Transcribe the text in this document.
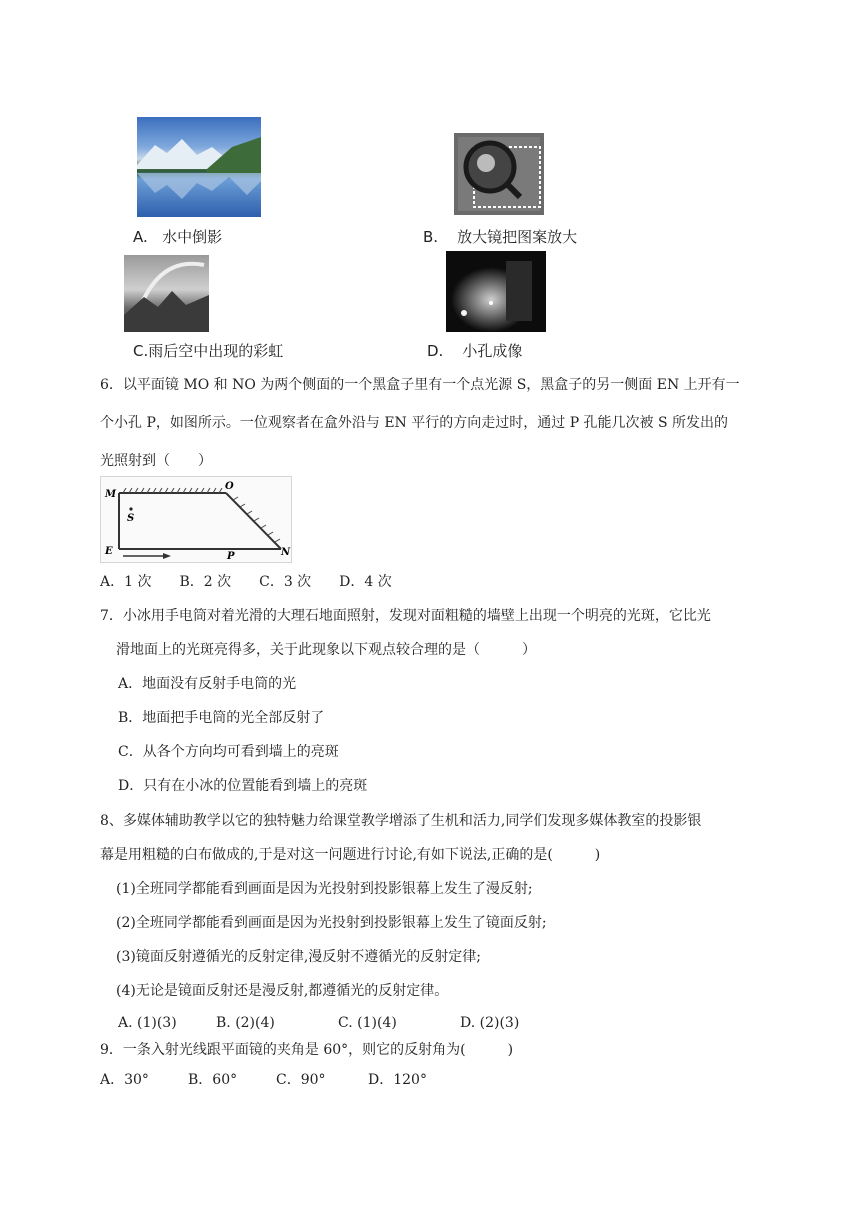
A. 水中倒影	B. 放大镜把图案放大
C.雨后空中出现的彩虹	D. 小孔成像
6．以平面镜 MO 和 NO 为两个侧面的一个黑盒子里有一个点光源 S，黑盒子的另一侧面 EN 上开有一
个小孔 P，如图所示。一位观察者在盒外沿与 EN 平行的方向走过时，通过 P 孔能几次被 S 所发出的
光照射到（　　）
M
O
S
E	P	N
A．1 次　　B．2 次　　C．3 次　　D．4 次
7．小冰用手电筒对着光滑的大理石地面照射，发现对面粗糙的墙壁上出现一个明亮的光斑，它比光
滑地面上的光斑亮得多，关于此现象以下观点较合理的是（　　　）
A．地面没有反射手电筒的光
B．地面把手电筒的光全部反射了
C．从各个方向均可看到墙上的亮斑
D．只有在小冰的位置能看到墙上的亮斑
8、多媒体辅助教学以它的独特魅力给课堂教学增添了生机和活力,同学们发现多媒体教室的投影银
幕是用粗糙的白布做成的,于是对这一问题进行讨论,有如下说法,正确的是(　　　)
(1)全班同学都能看到画面是因为光投射到投影银幕上发生了漫反射;
(2)全班同学都能看到画面是因为光投射到投影银幕上发生了镜面反射;
(3)镜面反射遵循光的反射定律,漫反射不遵循光的反射定律;
(4)无论是镜面反射还是漫反射,都遵循光的反射定律。
A. (1)(3)	B. (2)(4)	C. (1)(4)	D. (2)(3)
9．一条入射光线跟平面镜的夹角是 60°，则它的反射角为(　　　)
A．30°	B．60°	C．90°	D．120°
